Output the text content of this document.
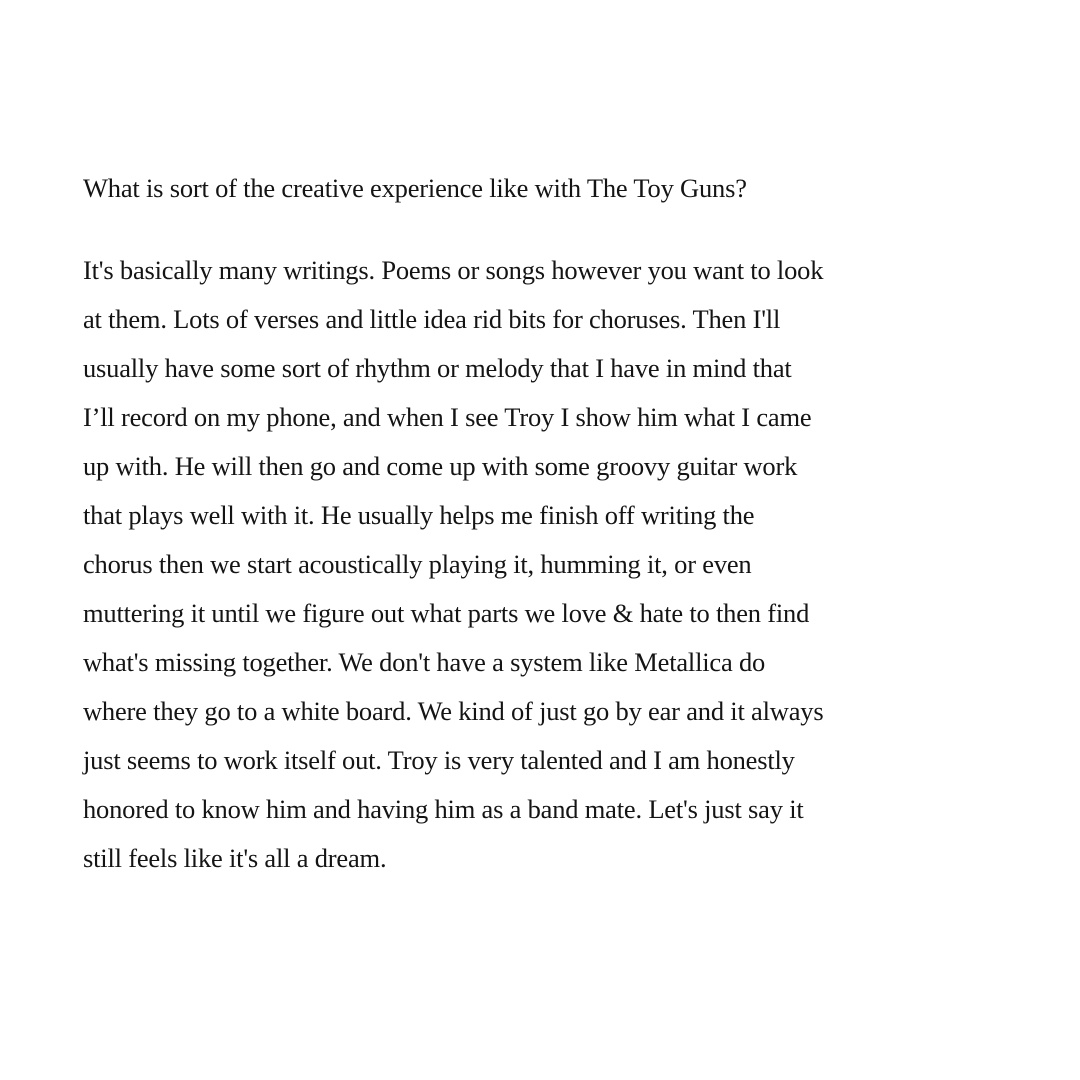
What is sort of the creative experience like with The Toy Guns?

It's basically many writings. Poems or songs however you want to look
at them. Lots of verses and little idea rid bits for choruses. Then I'll
usually have some sort of rhythm or melody that I have in mind that
I’ll record on my phone, and when I see Troy I show him what I came
up with. He will then go and come up with some groovy guitar work
that plays well with it. He usually helps me finish off writing the
chorus then we start acoustically playing it, humming it, or even
muttering it until we figure out what parts we love & hate to then find
what's missing together. We don't have a system like Metallica do
where they go to a white board. We kind of just go by ear and it always
just seems to work itself out. Troy is very talented and I am honestly
honored to know him and having him as a band mate. Let's just say it
still feels like it's all a dream.
